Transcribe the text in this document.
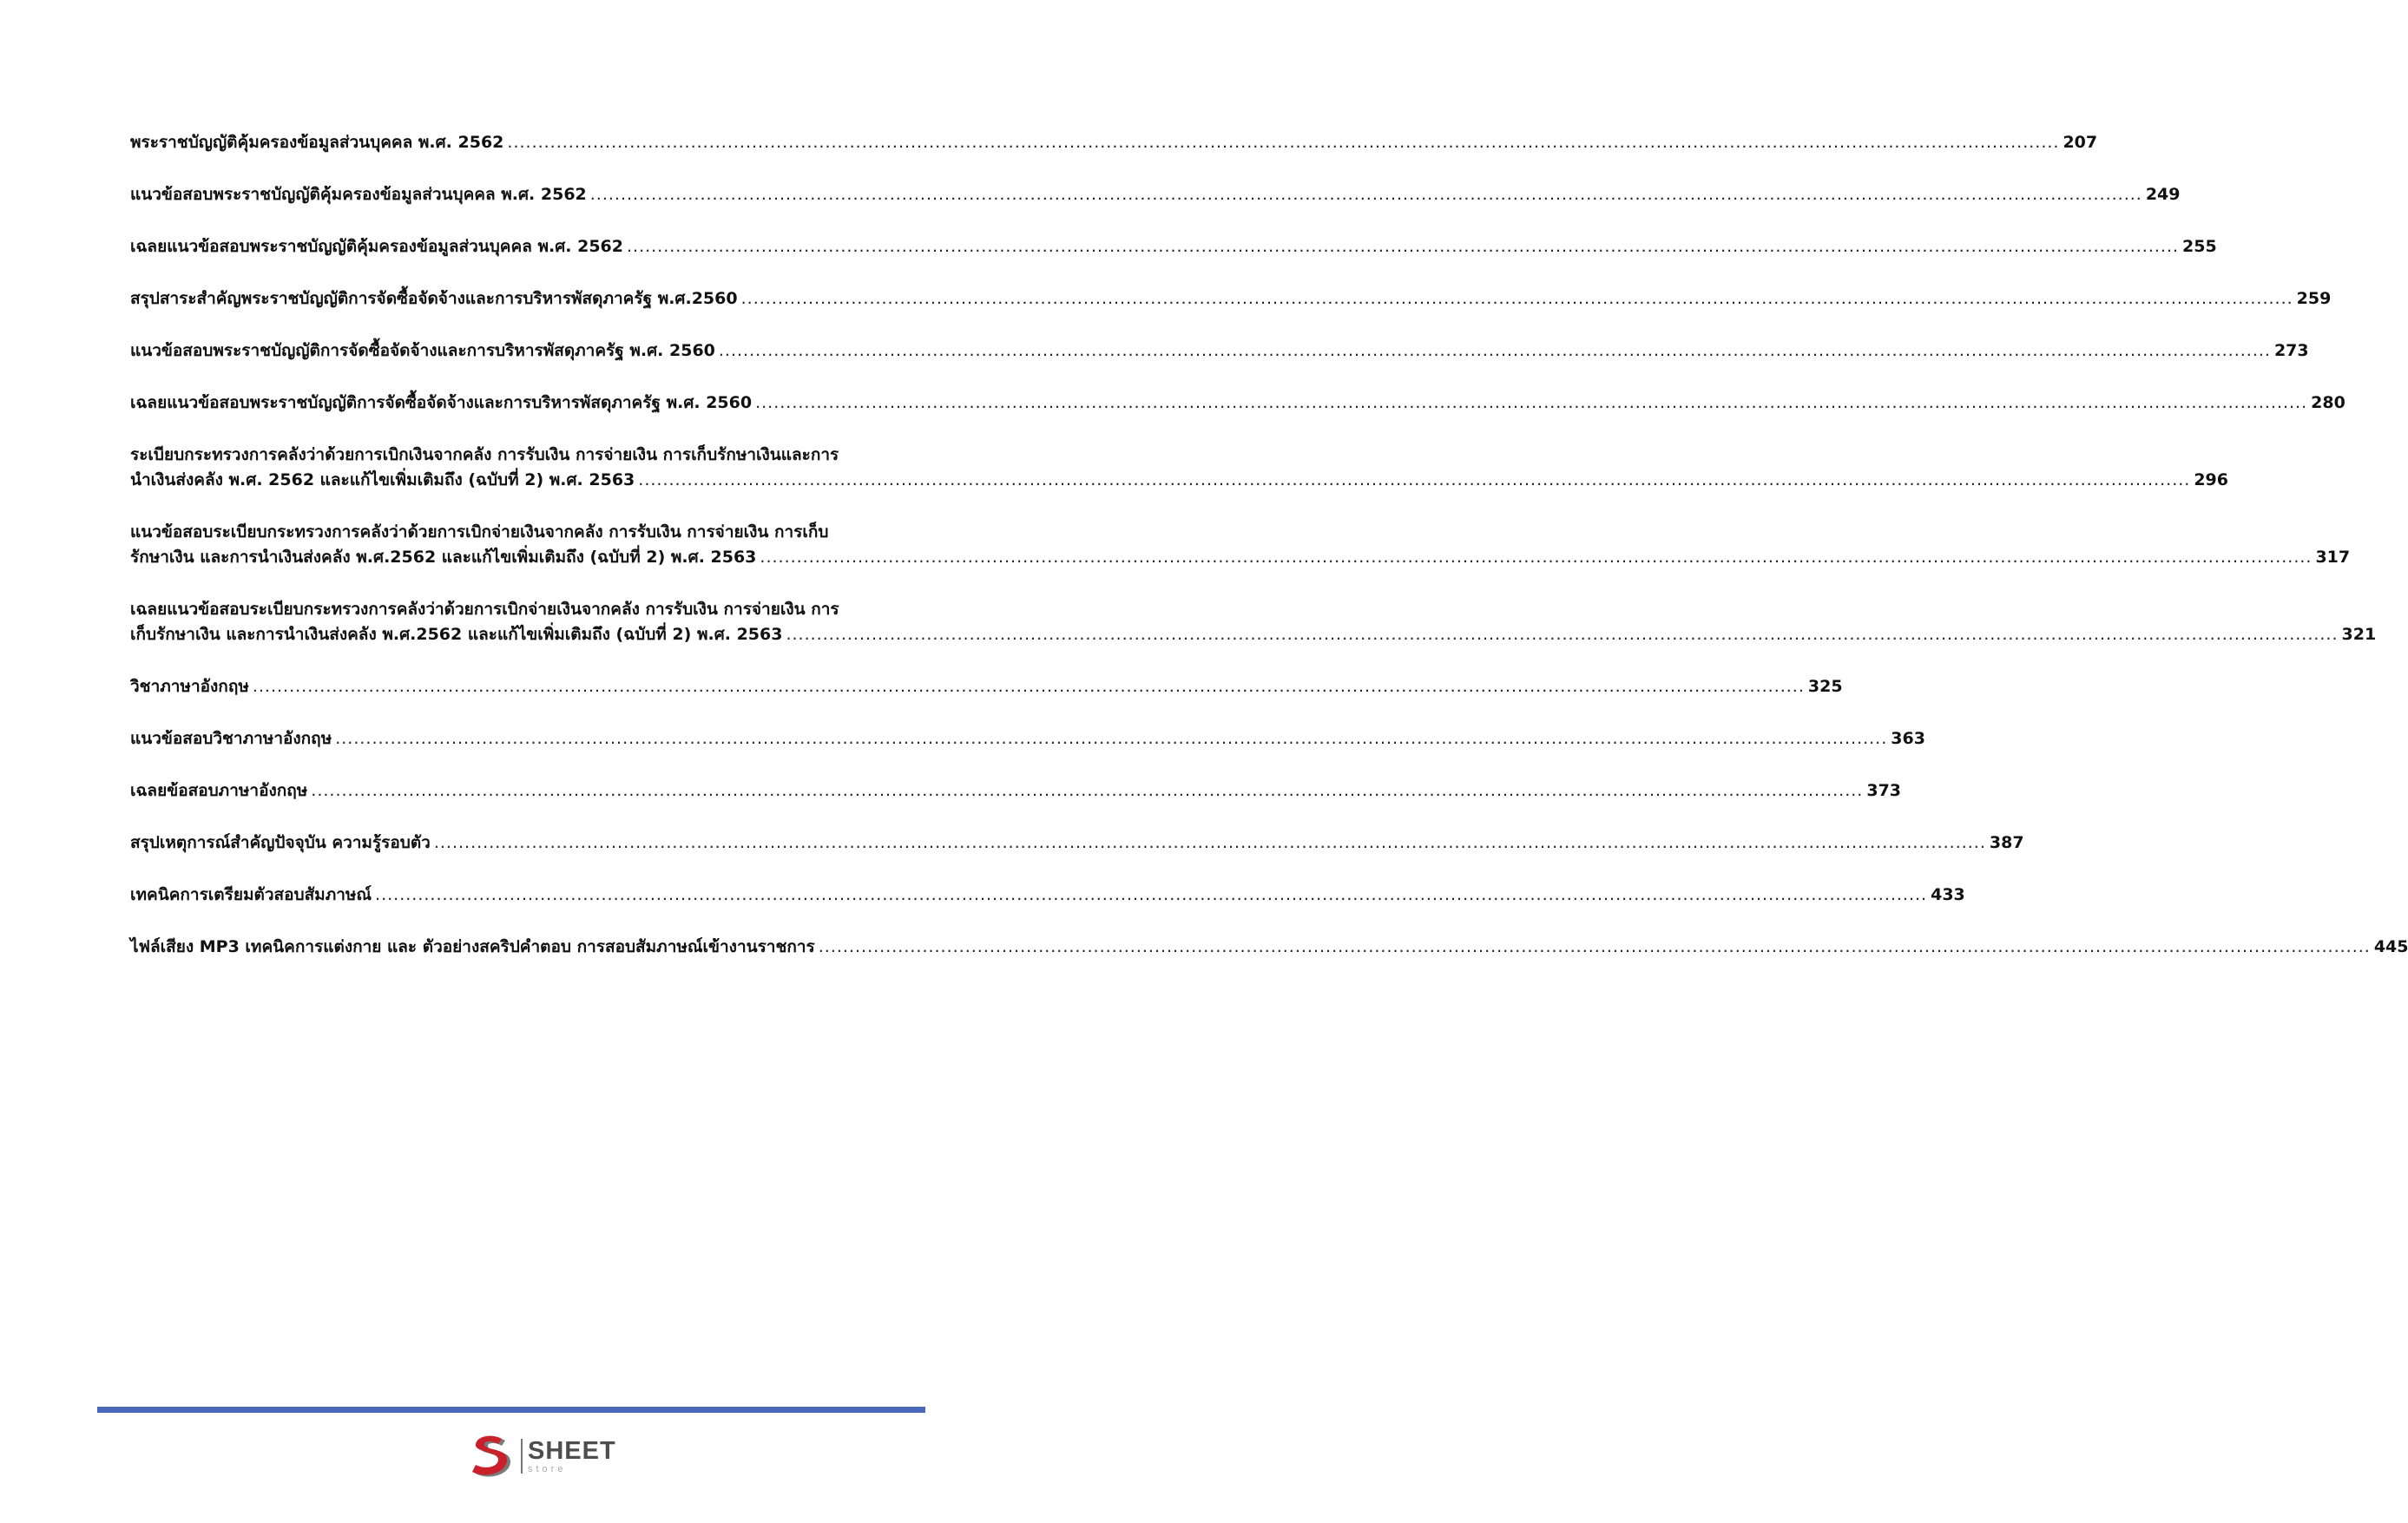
พระราชบัญญัติคุ้มครองข้อมูลส่วนบุคคล พ.ศ. 2562 .....	207
แนวข้อสอบพระราชบัญญัติคุ้มครองข้อมูลส่วนบุคคล พ.ศ. 2562 .....	249
เฉลยแนวข้อสอบพระราชบัญญัติคุ้มครองข้อมูลส่วนบุคคล พ.ศ. 2562 .....	255
สรุปสาระสำคัญพระราชบัญญัติการจัดซื้อจัดจ้างและการบริหารพัสดุภาครัฐ พ.ศ.2560 .....	259
แนวข้อสอบพระราชบัญญัติการจัดซื้อจัดจ้างและการบริหารพัสดุภาครัฐ พ.ศ. 2560 .....	273
เฉลยแนวข้อสอบพระราชบัญญัติการจัดซื้อจัดจ้างและการบริหารพัสดุภาครัฐ พ.ศ. 2560 .....	280
ระเบียบกระทรวงการคลังว่าด้วยการเบิกเงินจากคลัง การรับเงิน การจ่ายเงิน การเก็บรักษาเงินและการ
นำเงินส่งคลัง พ.ศ. 2562 และแก้ไขเพิ่มเติมถึง (ฉบับที่ 2) พ.ศ. 2563 .....	296
แนวข้อสอบระเบียบกระทรวงการคลังว่าด้วยการเบิกจ่ายเงินจากคลัง การรับเงิน การจ่ายเงิน การเก็บ
รักษาเงิน และการนำเงินส่งคลัง พ.ศ.2562 และแก้ไขเพิ่มเติมถึง (ฉบับที่ 2) พ.ศ. 2563 .....	317
เฉลยแนวข้อสอบระเบียบกระทรวงการคลังว่าด้วยการเบิกจ่ายเงินจากคลัง การรับเงิน การจ่ายเงิน การ
เก็บรักษาเงิน และการนำเงินส่งคลัง พ.ศ.2562 และแก้ไขเพิ่มเติมถึง (ฉบับที่ 2) พ.ศ. 2563 .....	321
วิชาภาษาอังกฤษ .....	325
แนวข้อสอบวิชาภาษาอังกฤษ .....	363
เฉลยข้อสอบภาษาอังกฤษ .....	373
สรุปเหตุการณ์สำคัญปัจจุบัน ความรู้รอบตัว .....	387
เทคนิคการเตรียมตัวสอบสัมภาษณ์ .....	433
ไฟล์เสียง MP3 เทคนิคการแต่งกาย และ ตัวอย่างสคริปคำตอบ การสอบสัมภาษณ์เข้างานราชการ .....	445
SHEET
store
